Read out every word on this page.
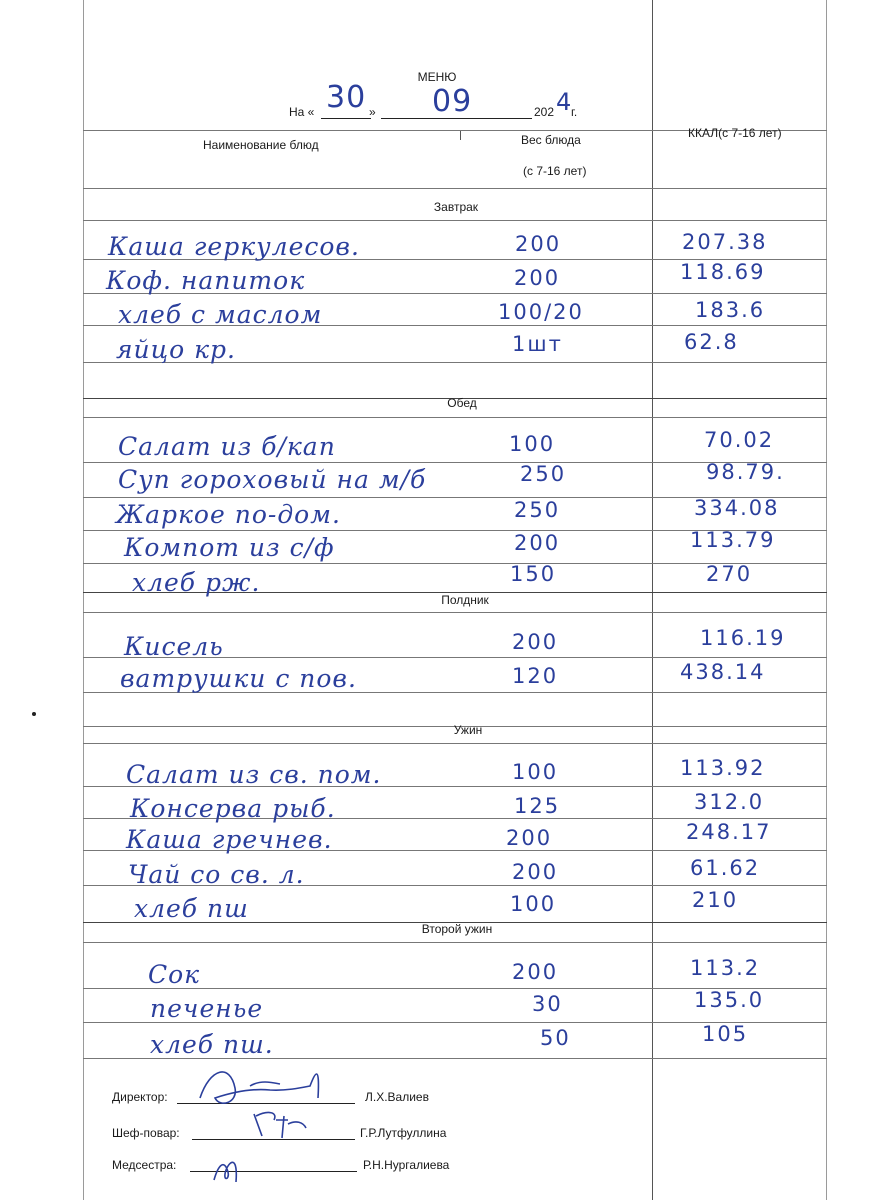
МЕНЮ
На « 30 » 09	202 4
г.
Наименование блюд	Вес блюда
(с 7-16 лет)
ККАЛ(с 7-16 лет)
Завтрак
Каша геркулесов.	200	207.38
Коф. напиток	200	118.69
хлеб с маслом	100/20	183.6
яйцо кр.	1шт	62.8
Обед
Салат из б/кап	100	70.02
Суп гороховый на м/б	250	98.79.
Жаркое по-дом.	250	334.08
Компот из с/ф	200	113.79
хлеб рж.	150	270
Полдник
Кисель	200	116.19
ватрушки с пов.	120	438.14
Ужин
Салат из св. пом.	100	113.92
Консерва рыб.	125	312.0
Каша гречнев.	200	248.17
Чай со св. л.	200	61.62
хлеб пш	100	210
Второй ужин
Сок	200	113.2
печенье	30	135.0
хлеб пш.	50	105
Директор:	Л.Х.Валиев
Шеф-повар:	Г.Р.Лутфуллина
Медсестра:	Р.Н.Нургалиева
